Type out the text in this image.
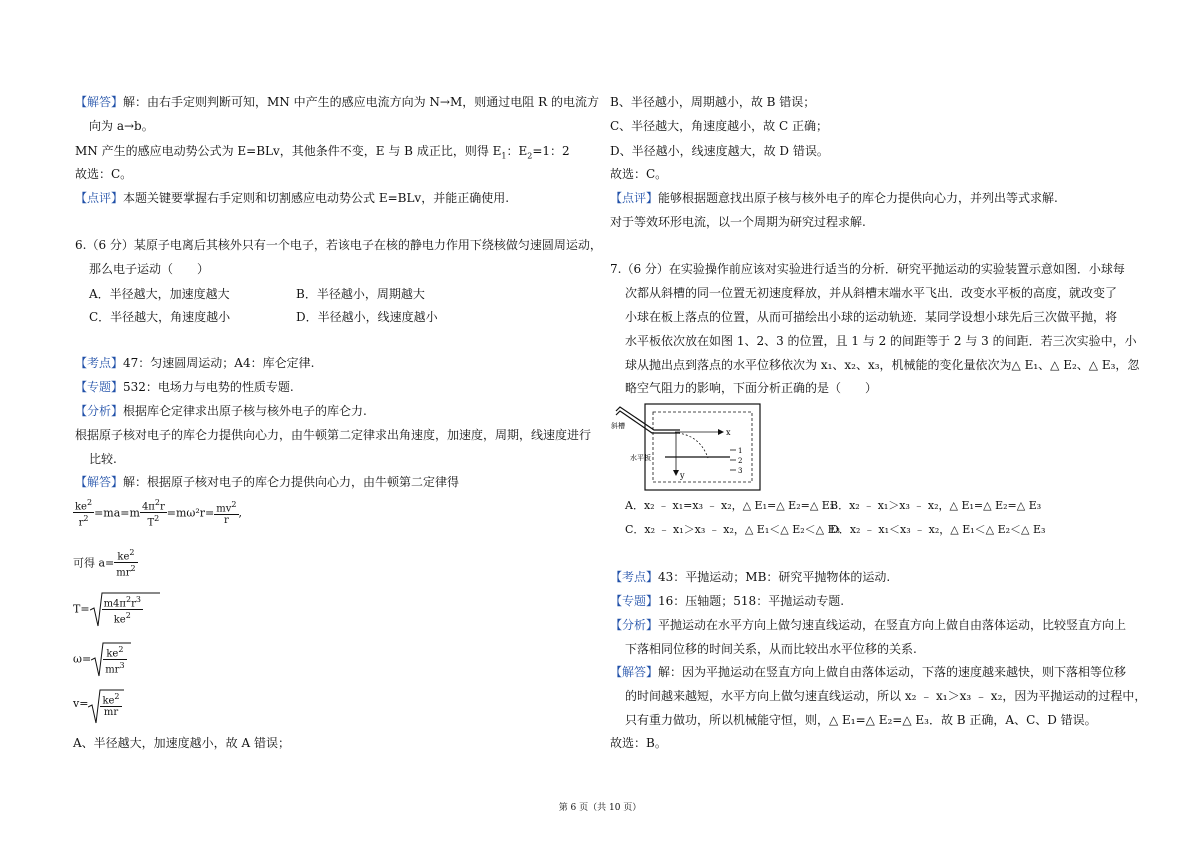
【解答】解：由右手定则判断可知，MN 中产生的感应电流方向为 N→M，则通过电阻 R 的电流方
向为 a→b。
MN 产生的感应电动势公式为 E=BLv，其他条件不变，E 与 B 成正比，则得 $E_1$：$E_2=1$：2
故选：C。
【点评】本题关键要掌握右手定则和切割感应电动势公式 E=BLv，并能正确使用.
6.（6 分）某原子电离后其核外只有一个电子，若该电子在核的静电力作用下绕核做匀速圆周运动，
那么电子运动（　　）
A．半径越大，加速度越大	B．半径越小，周期越大
C．半径越大，角速度越小	D．半径越小，线速度越小
【考点】47：匀速圆周运动；A4：库仑定律.
【专题】532：电场力与电势的性质专题.
【分析】根据库仑定律求出原子核与核外电子的库仑力.
根据原子核对电子的库仑力提供向心力，由牛顿第二定律求出角速度，加速度，周期，线速度进行
比较.
【解答】解：根据原子核对电子的库仑力提供向心力，由牛顿第二定律得
$\frac{ke^2}{r^2} =ma=m \frac{4\pi^2r}{T^2} =m\omega^2r= \frac{mv^2}{r}$ ,
可得 $a= \frac{ke^2}{mr^2}$
$T= \frac{m4\pi^2r^3}{ke^2}$
$\omega= \frac{ke^2}{mr^3}$
$v= \frac{ke^2}{mr}$
A、半径越大，加速度越小，故 A 错误；
B、半径越小，周期越小，故 B 错误；
C、半径越大，角速度越小，故 C 正确；
D、半径越小，线速度越大，故 D 错误。
故选：C。
【点评】能够根据题意找出原子核与核外电子的库仑力提供向心力，并列出等式求解.
对于等效环形电流，以一个周期为研究过程求解.
7.（6 分）在实验操作前应该对实验进行适当的分析．研究平抛运动的实验装置示意如图．小球每
次都从斜槽的同一位置无初速度释放，并从斜槽末端水平飞出．改变水平板的高度，就改变了
小球在板上落点的位置，从而可描绘出小球的运动轨迹．某同学设想小球先后三次做平抛，将
水平板依次放在如图 1、2、3 的位置，且 1 与 2 的间距等于 2 与 3 的间距．若三次实验中，小
球从抛出点到落点的水平位移依次为 x₁、x₂、x₃，机械能的变化量依次为△ E₁、△ E₂、△ E₃，忽
略空气阻力的影响，下面分析正确的是（　　）
斜槽
水平板
x
y
1
2
3
A．x₂ ﹣ x₁=x₃ ﹣ x₂，△ E₁=△ E₂=△ E₃
B．x₂ ﹣ x₁＞x₃ ﹣ x₂，△ E₁=△ E₂=△ E₃
C．x₂ ﹣ x₁＞x₃ ﹣ x₂，△ E₁＜△ E₂＜△ E₃
D．x₂ ﹣ x₁＜x₃ ﹣ x₂，△ E₁＜△ E₂＜△ E₃
【考点】43：平抛运动；MB：研究平抛物体的运动.
【专题】16：压轴题；518：平抛运动专题.
【分析】平抛运动在水平方向上做匀速直线运动，在竖直方向上做自由落体运动，比较竖直方向上
下落相同位移的时间关系，从而比较出水平位移的关系.
【解答】解：因为平抛运动在竖直方向上做自由落体运动，下落的速度越来越快，则下落相等位移
的时间越来越短，水平方向上做匀速直线运动，所以 x₂ ﹣ x₁＞x₃ ﹣ x₂，因为平抛运动的过程中，
只有重力做功，所以机械能守恒，则，△ E₁=△ E₂=△ E₃．故 B 正确，A、C、D 错误。
故选：B。
第 6 页（共 10 页）
